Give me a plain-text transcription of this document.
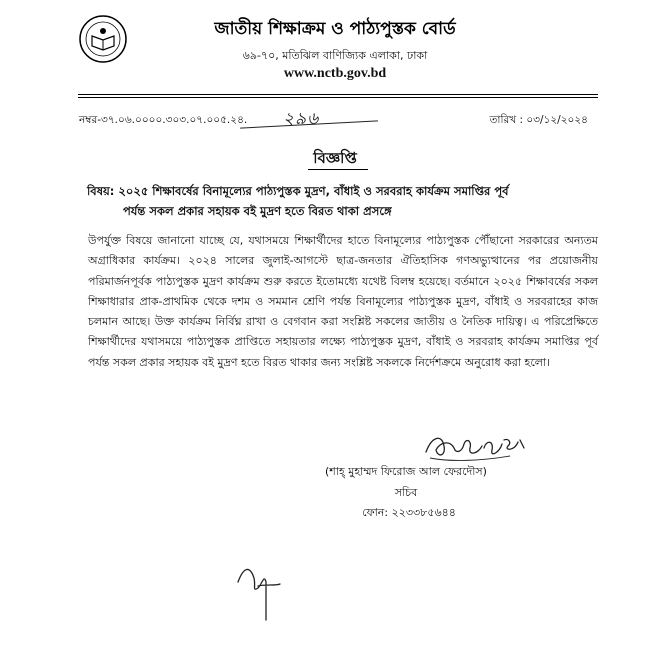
জাতীয় শিক্ষাক্রম ও পাঠ্যপুস্তক বোর্ড
৬৯-৭০, মতিঝিল বাণিজ্যিক এলাকা, ঢাকা
www.nctb.gov.bd
নম্বর-৩৭.০৬.০০০০.৩০৩.০৭.০০৫.২৪. ২৯৬	তারিখ : ০৩/১২/২০২৪
বিজ্ঞপ্তি
বিষয়: ২০২৫ শিক্ষাবর্ষের বিনামূল্যের পাঠ্যপুস্তক মুদ্রণ, বাঁধাই ও সরবরাহ কার্যক্রম সমাপ্তির পূর্ব
পর্যন্ত সকল প্রকার সহায়ক বই মুদ্রণ হতে বিরত থাকা প্রসঙ্গে
উপর্যুক্ত বিষয়ে জানানো যাচ্ছে যে, যথাসময়ে শিক্ষার্থীদের হাতে বিনামূল্যের পাঠ্যপুস্তক পৌঁছানো সরকারের অন্যতম অগ্রাধিকার কার্যক্রম। ২০২৪ সালের জুলাই-আগস্টে ছাত্র-জনতার ঐতিহাসিক গণঅভ্যুত্থানের পর প্রয়োজনীয় পরিমার্জনপূর্বক পাঠ্যপুস্তক মুদ্রণ কার্যক্রম শুরু করতে ইতোমধ্যে যথেষ্ট বিলম্ব হয়েছে। বর্তমানে ২০২৫ শিক্ষাবর্ষের সকল শিক্ষাধারার প্রাক-প্রাথমিক থেকে দশম ও সমমান শ্রেণি পর্যন্ত বিনামূল্যের পাঠ্যপুস্তক মুদ্রণ, বাঁধাই ও সরবরাহের কাজ চলমান আছে। উক্ত কার্যক্রম নির্বিঘ্ন রাখা ও বেগবান করা সংশ্লিষ্ট সকলের জাতীয় ও নৈতিক দায়িত্ব। এ পরিপ্রেক্ষিতে শিক্ষার্থীদের যথাসময়ে পাঠ্যপুস্তক প্রাপ্তিতে সহায়তার লক্ষ্যে পাঠ্যপুস্তক মুদ্রণ, বাঁধাই ও সরবরাহ কার্যক্রম সমাপ্তির পূর্ব পর্যন্ত সকল প্রকার সহায়ক বই মুদ্রণ হতে বিরত থাকার জন্য সংশ্লিষ্ট সকলকে নির্দেশক্রমে অনুরোধ করা হলো।
(শাহ্ মুহাম্মদ ফিরোজ আল ফেরদৌস)
সচিব
ফোন: ২২৩৩৮৫৬৪৪
